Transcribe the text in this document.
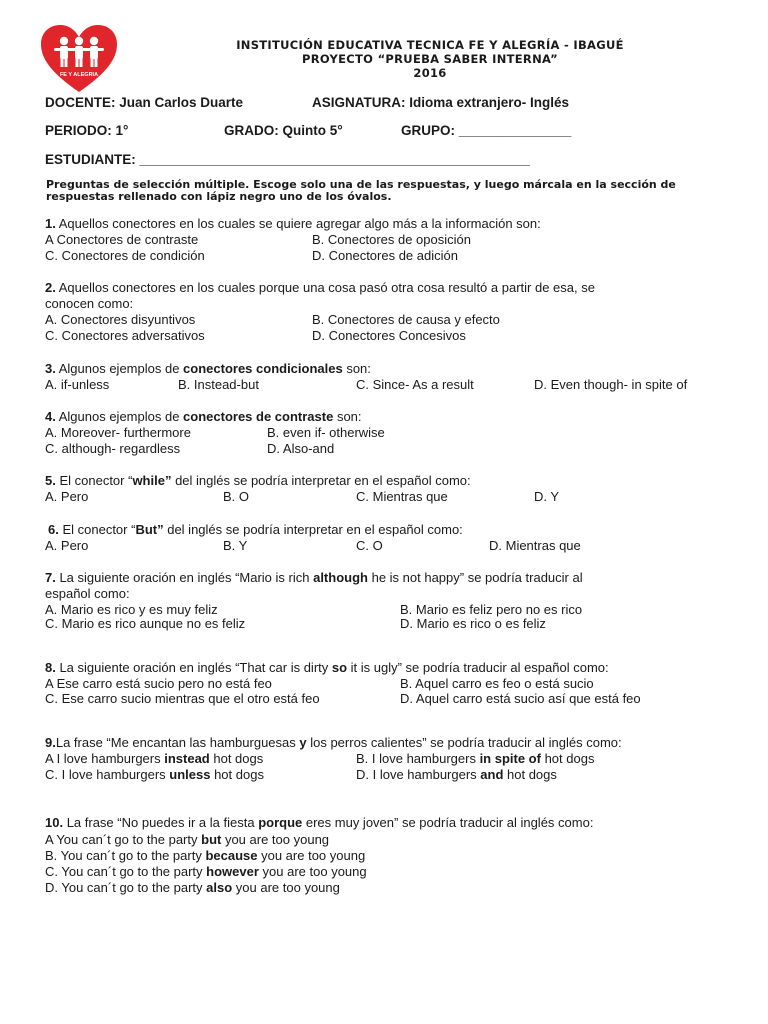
FE Y ALEGRIA
INSTITUCIÓN EDUCATIVA TECNICA FE Y ALEGRÍA - IBAGUÉ
PROYECTO “PRUEBA SABER INTERNA”
2016
DOCENTE: Juan Carlos Duarte	ASIGNATURA: Idioma extranjero- Inglés
PERIODO: 1°	GRADO: Quinto 5°	GRUPO: _______________
ESTUDIANTE: ____________________________________________________
Preguntas de selección múltiple. Escoge solo una de las respuestas, y luego márcala en la sección de respuestas rellenado con lápiz negro uno de los óvalos.
1. Aquellos conectores en los cuales se quiere agregar algo más a la información son:
A Conectores de contraste	B. Conectores de oposición
C. Conectores de condición	D. Conectores de adición
2. Aquellos conectores en los cuales porque una cosa pasó otra cosa resultó a partir de esa, se
conocen como:
A. Conectores disyuntivos	B. Conectores de causa y efecto
C. Conectores adversativos	D. Conectores Concesivos
3. Algunos ejemplos de conectores condicionales son:
A. if-unless	B. Instead-but	C. Since- As a result	D. Even though- in spite of
4. Algunos ejemplos de conectores de contraste son:
A. Moreover- furthermore	B. even if- otherwise
C. although- regardless	D. Also-and
5. El conector “while” del inglés se podría interpretar en el español como:
A. Pero	B. O	C. Mientras que	D. Y
6. El conector “But” del inglés se podría interpretar en el español como:
A. Pero	B. Y	C. O	D. Mientras que
7. La siguiente oración en inglés “Mario is rich although he is not happy” se podría traducir al
español como:
A. Mario es rico y es muy feliz	B. Mario es feliz pero no es rico
C. Mario es rico aunque no es feliz	D. Mario es rico o es feliz
8. La siguiente oración en inglés “That car is dirty so it is ugly” se podría traducir al español como:
A Ese carro está sucio pero no está feo	B. Aquel carro es feo o está sucio
C. Ese carro sucio mientras que el otro está feo	D. Aquel carro está sucio así que está feo
9.La frase “Me encantan las hamburguesas y los perros calientes” se podría traducir al inglés como:
A I love hamburgers instead hot dogs	B. I love hamburgers in spite of hot dogs
C. I love hamburgers unless hot dogs	D. I love hamburgers and hot dogs
10. La frase “No puedes ir a la fiesta porque eres muy joven” se podría traducir al inglés como:
A You can´t go to the party but you are too young
B. You can´t go to the party because you are too young
C. You can´t go to the party however you are too young
D. You can´t go to the party also you are too young
